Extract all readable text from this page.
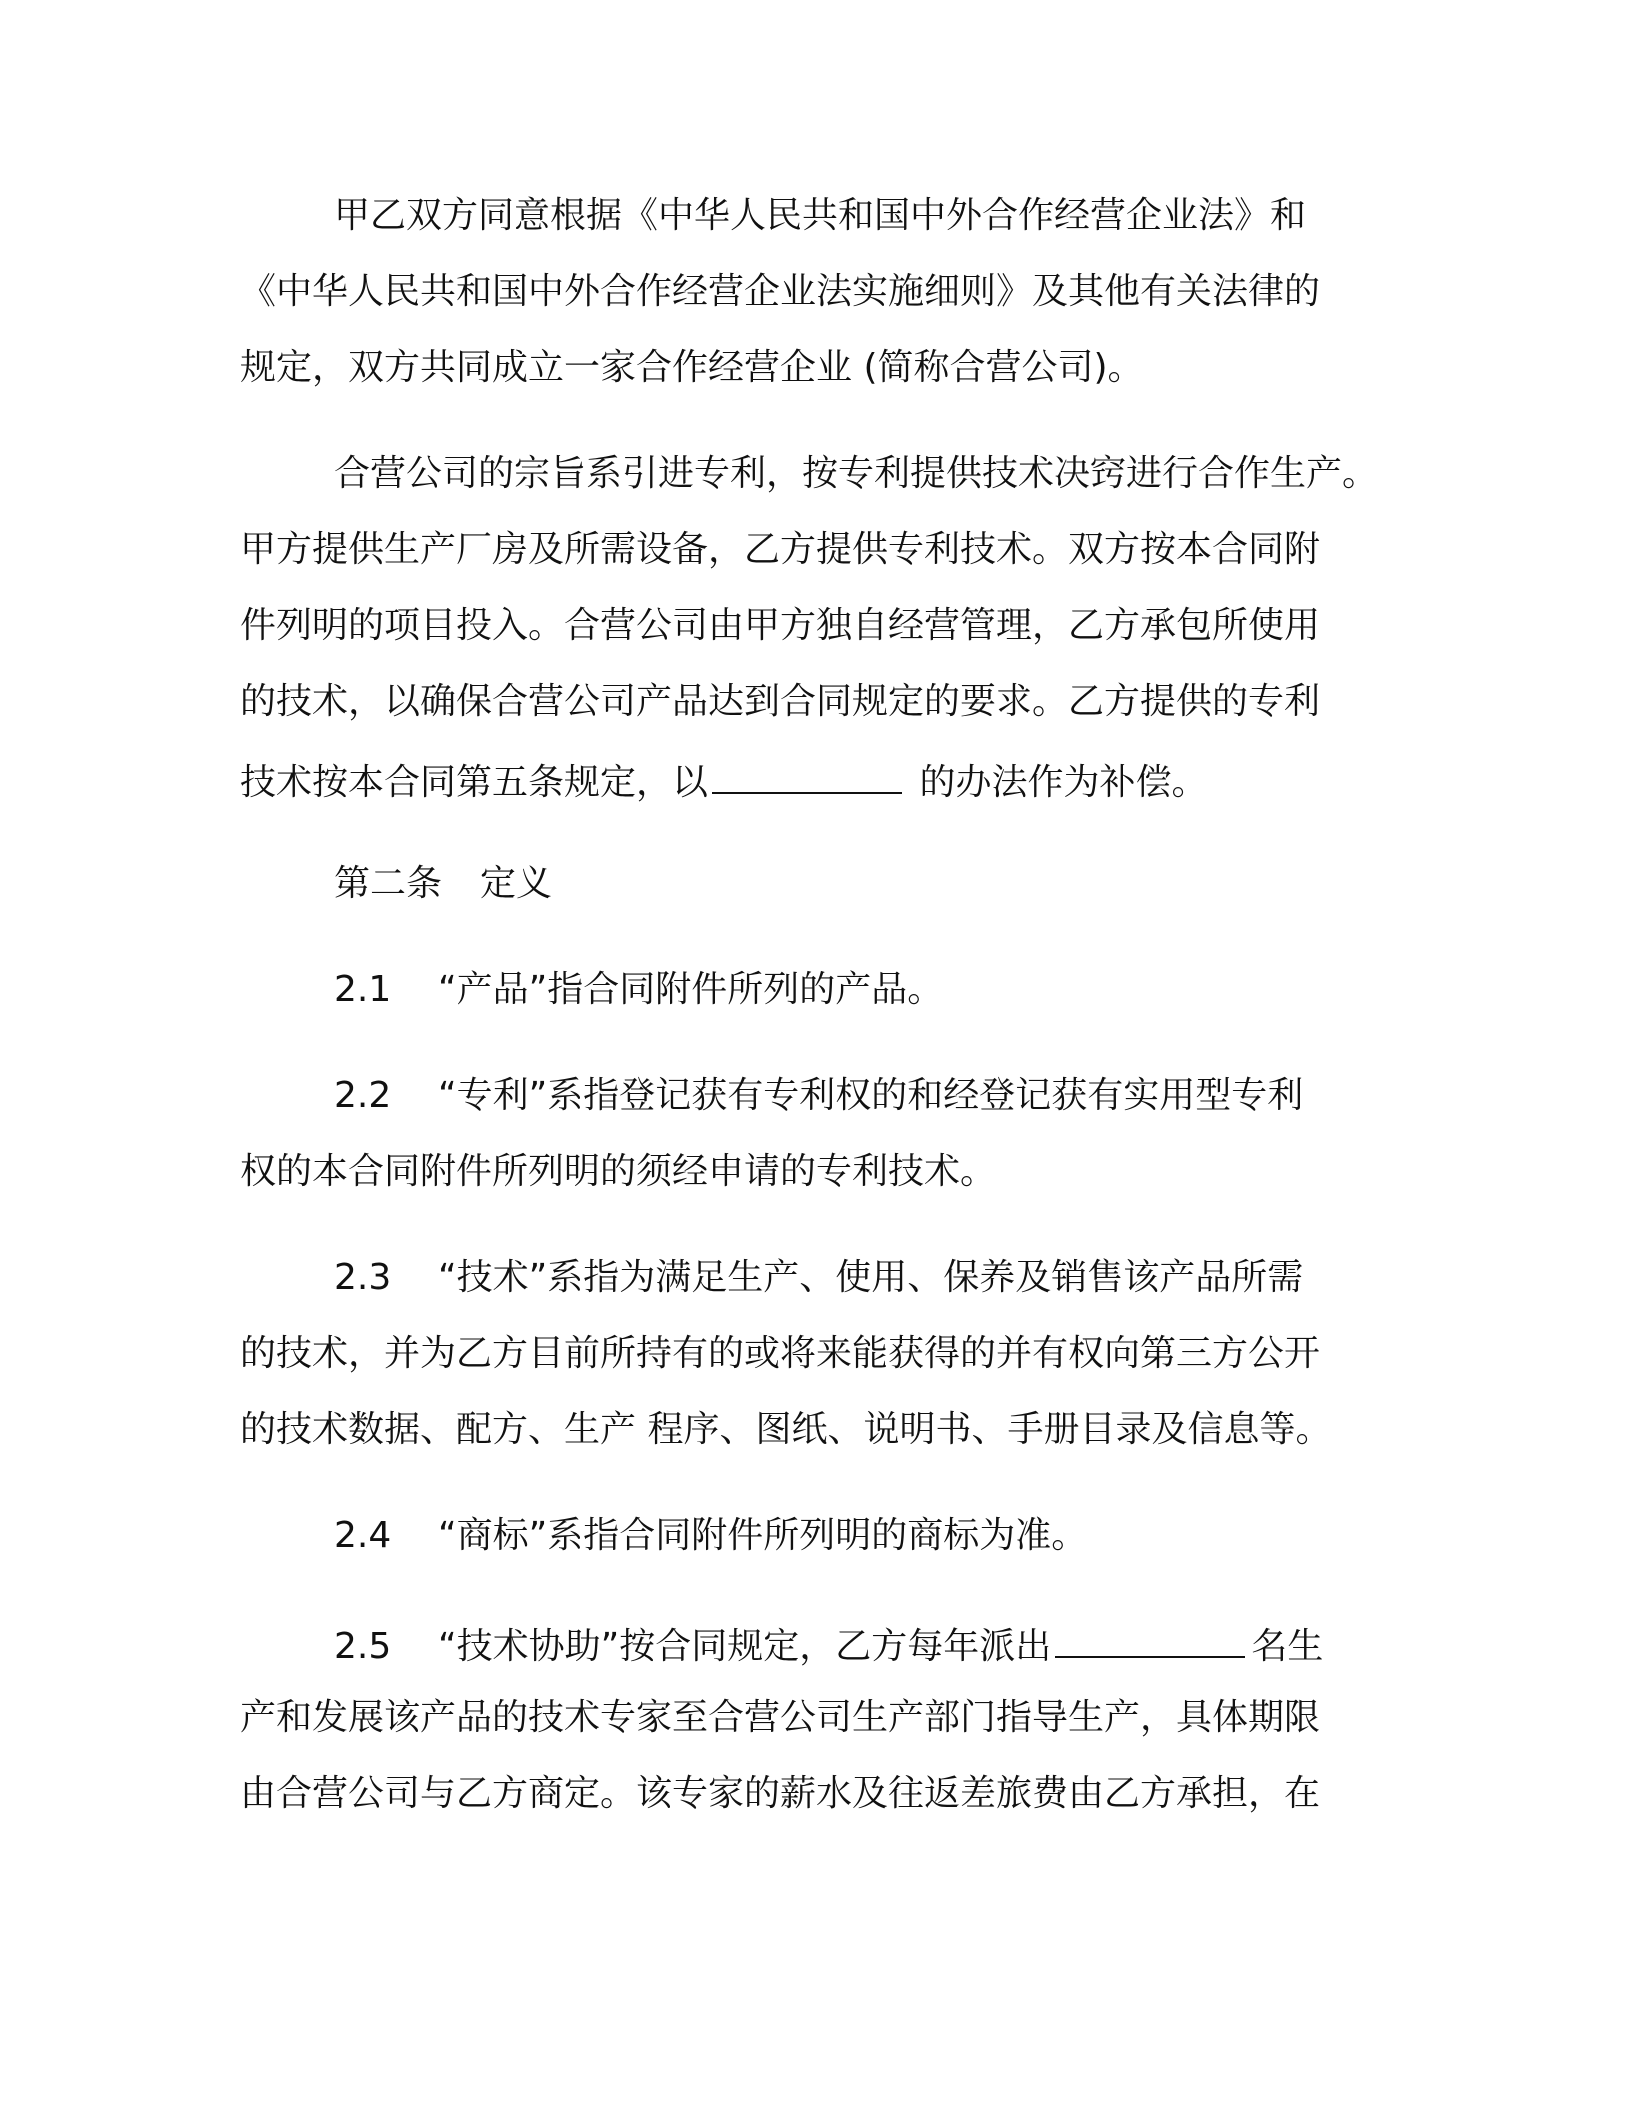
甲乙双方同意根据《中华人民共和国中外合作经营企业法》和
《中华人民共和国中外合作经营企业法实施细则》及其他有关法律的
规定，双方共同成立一家合作经营企业 (简称合营公司)。
合营公司的宗旨系引进专利，按专利提供技术决窍进行合作生产。
甲方提供生产厂房及所需设备，乙方提供专利技术。双方按本合同附
件列明的项目投入。合营公司由甲方独自经营管理，乙方承包所使用
的技术，以确保合营公司产品达到合同规定的要求。乙方提供的专利
技术按本合同第五条规定，以	的办法作为补偿。
第二条 定义
2.1 “产品”指合同附件所列的产品。
2.2 “专利”系指登记获有专利权的和经登记获有实用型专利
权的本合同附件所列明的须经申请的专利技术。
2.3 “技术”系指为满足生产、使用、保养及销售该产品所需
的技术，并为乙方目前所持有的或将来能获得的并有权向第三方公开
的技术数据、配方、生产 程序、图纸、说明书、手册目录及信息等。
2.4 “商标”系指合同附件所列明的商标为准。
2.5 “技术协助”按合同规定，乙方每年派出	名生
产和发展该产品的技术专家至合营公司生产部门指导生产，具体期限
由合营公司与乙方商定。该专家的薪水及往返差旅费由乙方承担，在
